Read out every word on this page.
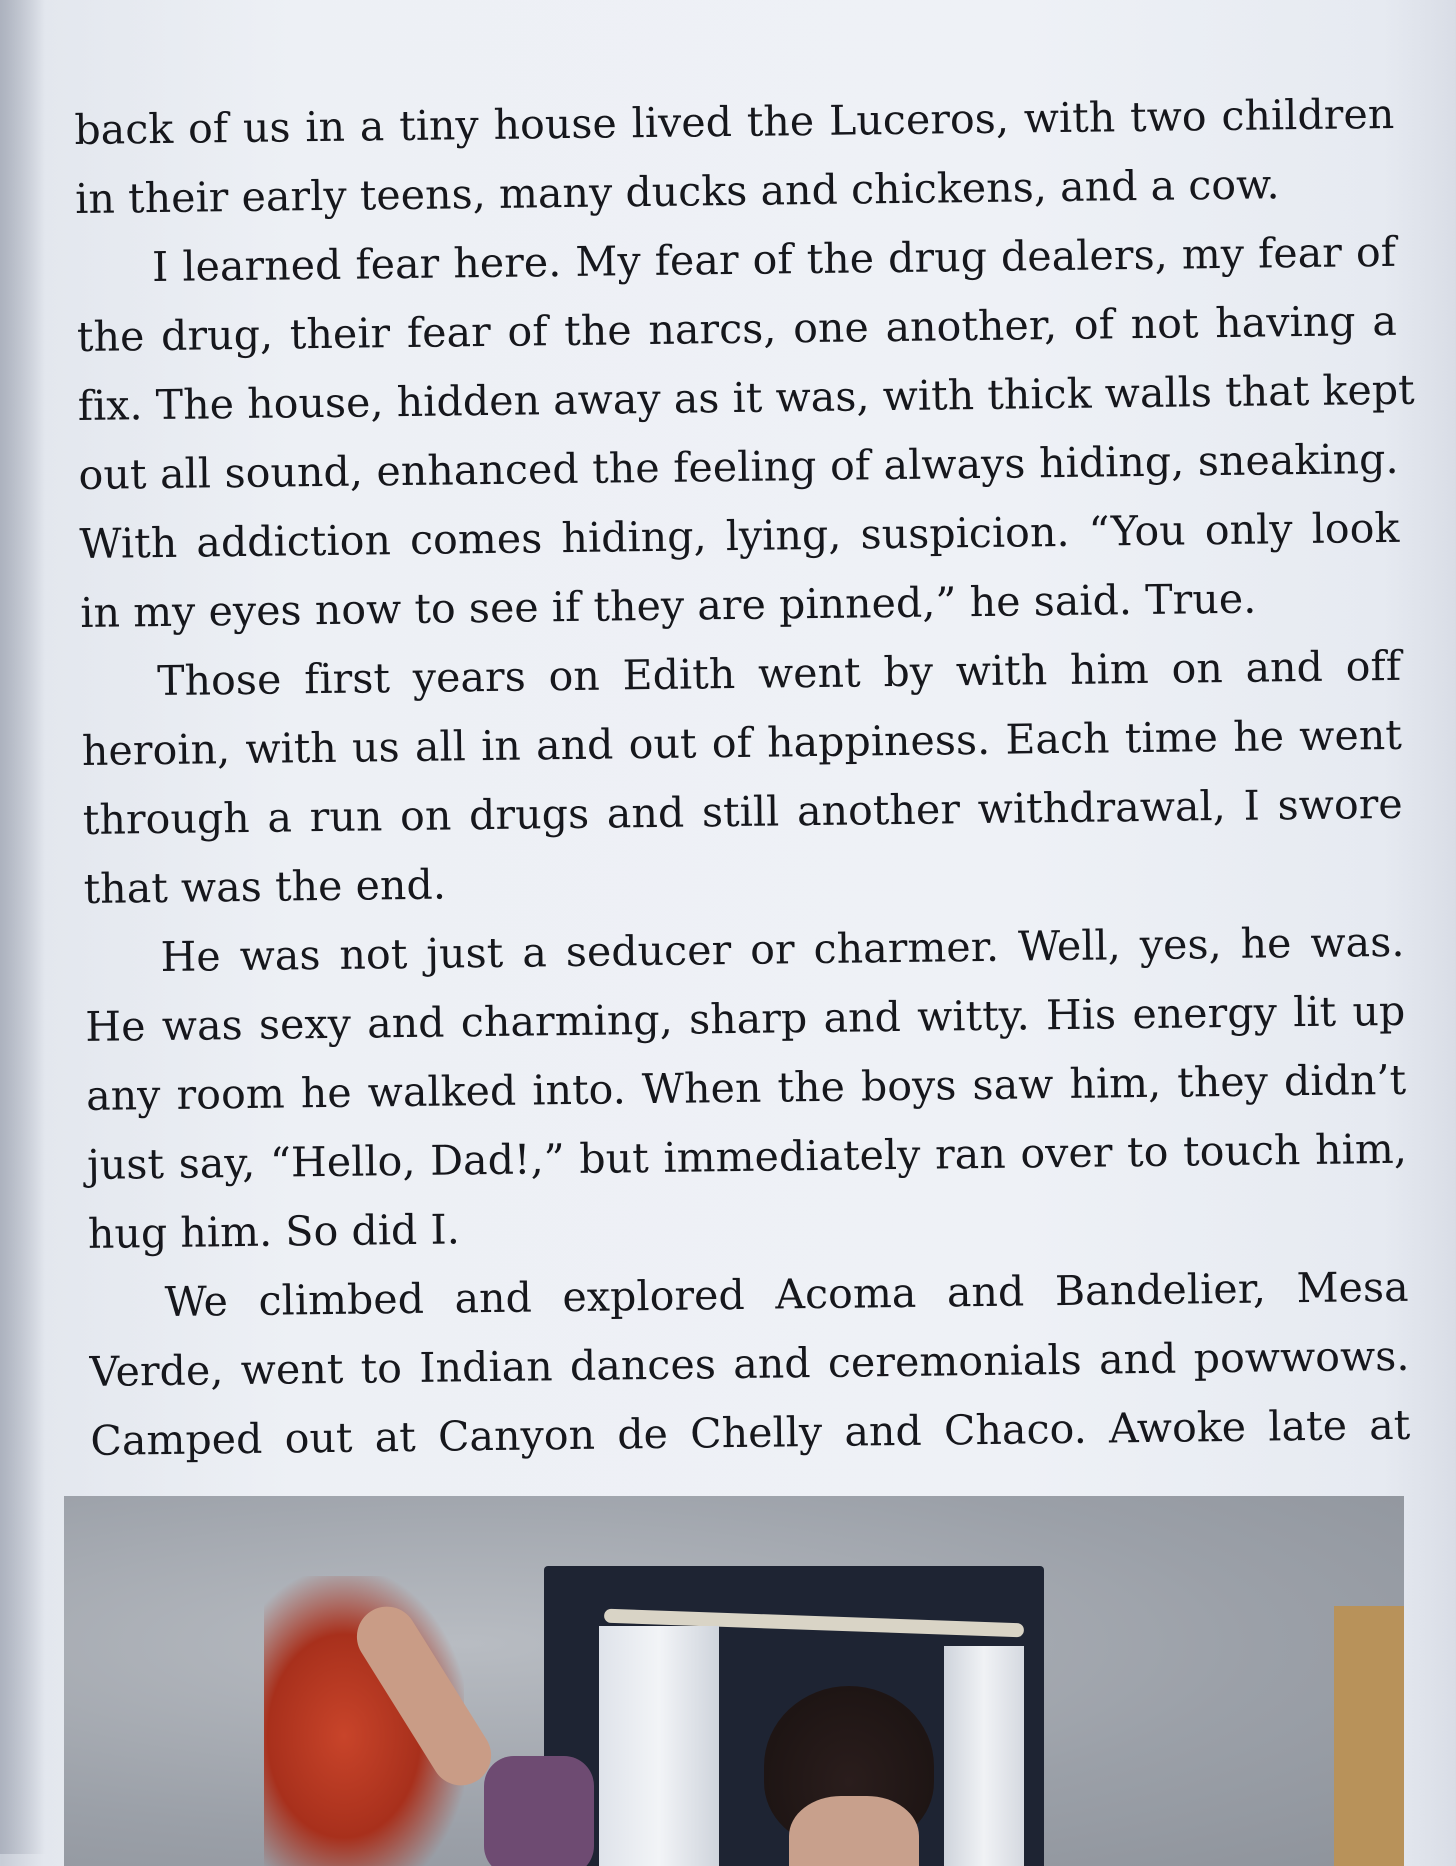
back of us in a tiny house lived the Luceros, with two children
in their early teens, many ducks and chickens, and a cow.
I learned fear here. My fear of the drug dealers, my fear of
the drug, their fear of the narcs, one another, of not having a
fix. The house, hidden away as it was, with thick walls that kept
out all sound, enhanced the feeling of always hiding, sneaking.
With addiction comes hiding, lying, suspicion. “You only look
in my eyes now to see if they are pinned,” he said. True.
Those first years on Edith went by with him on and off
heroin, with us all in and out of happiness. Each time he went
through a run on drugs and still another withdrawal, I swore
that was the end.
He was not just a seducer or charmer. Well, yes, he was.
He was sexy and charming, sharp and witty. His energy lit up
any room he walked into. When the boys saw him, they didn’t
just say, “Hello, Dad!,” but immediately ran over to touch him,
hug him. So did I.
We climbed and explored Acoma and Bandelier, Mesa
Verde, went to Indian dances and ceremonials and powwows.
Camped out at Canyon de Chelly and Chaco. Awoke late at
